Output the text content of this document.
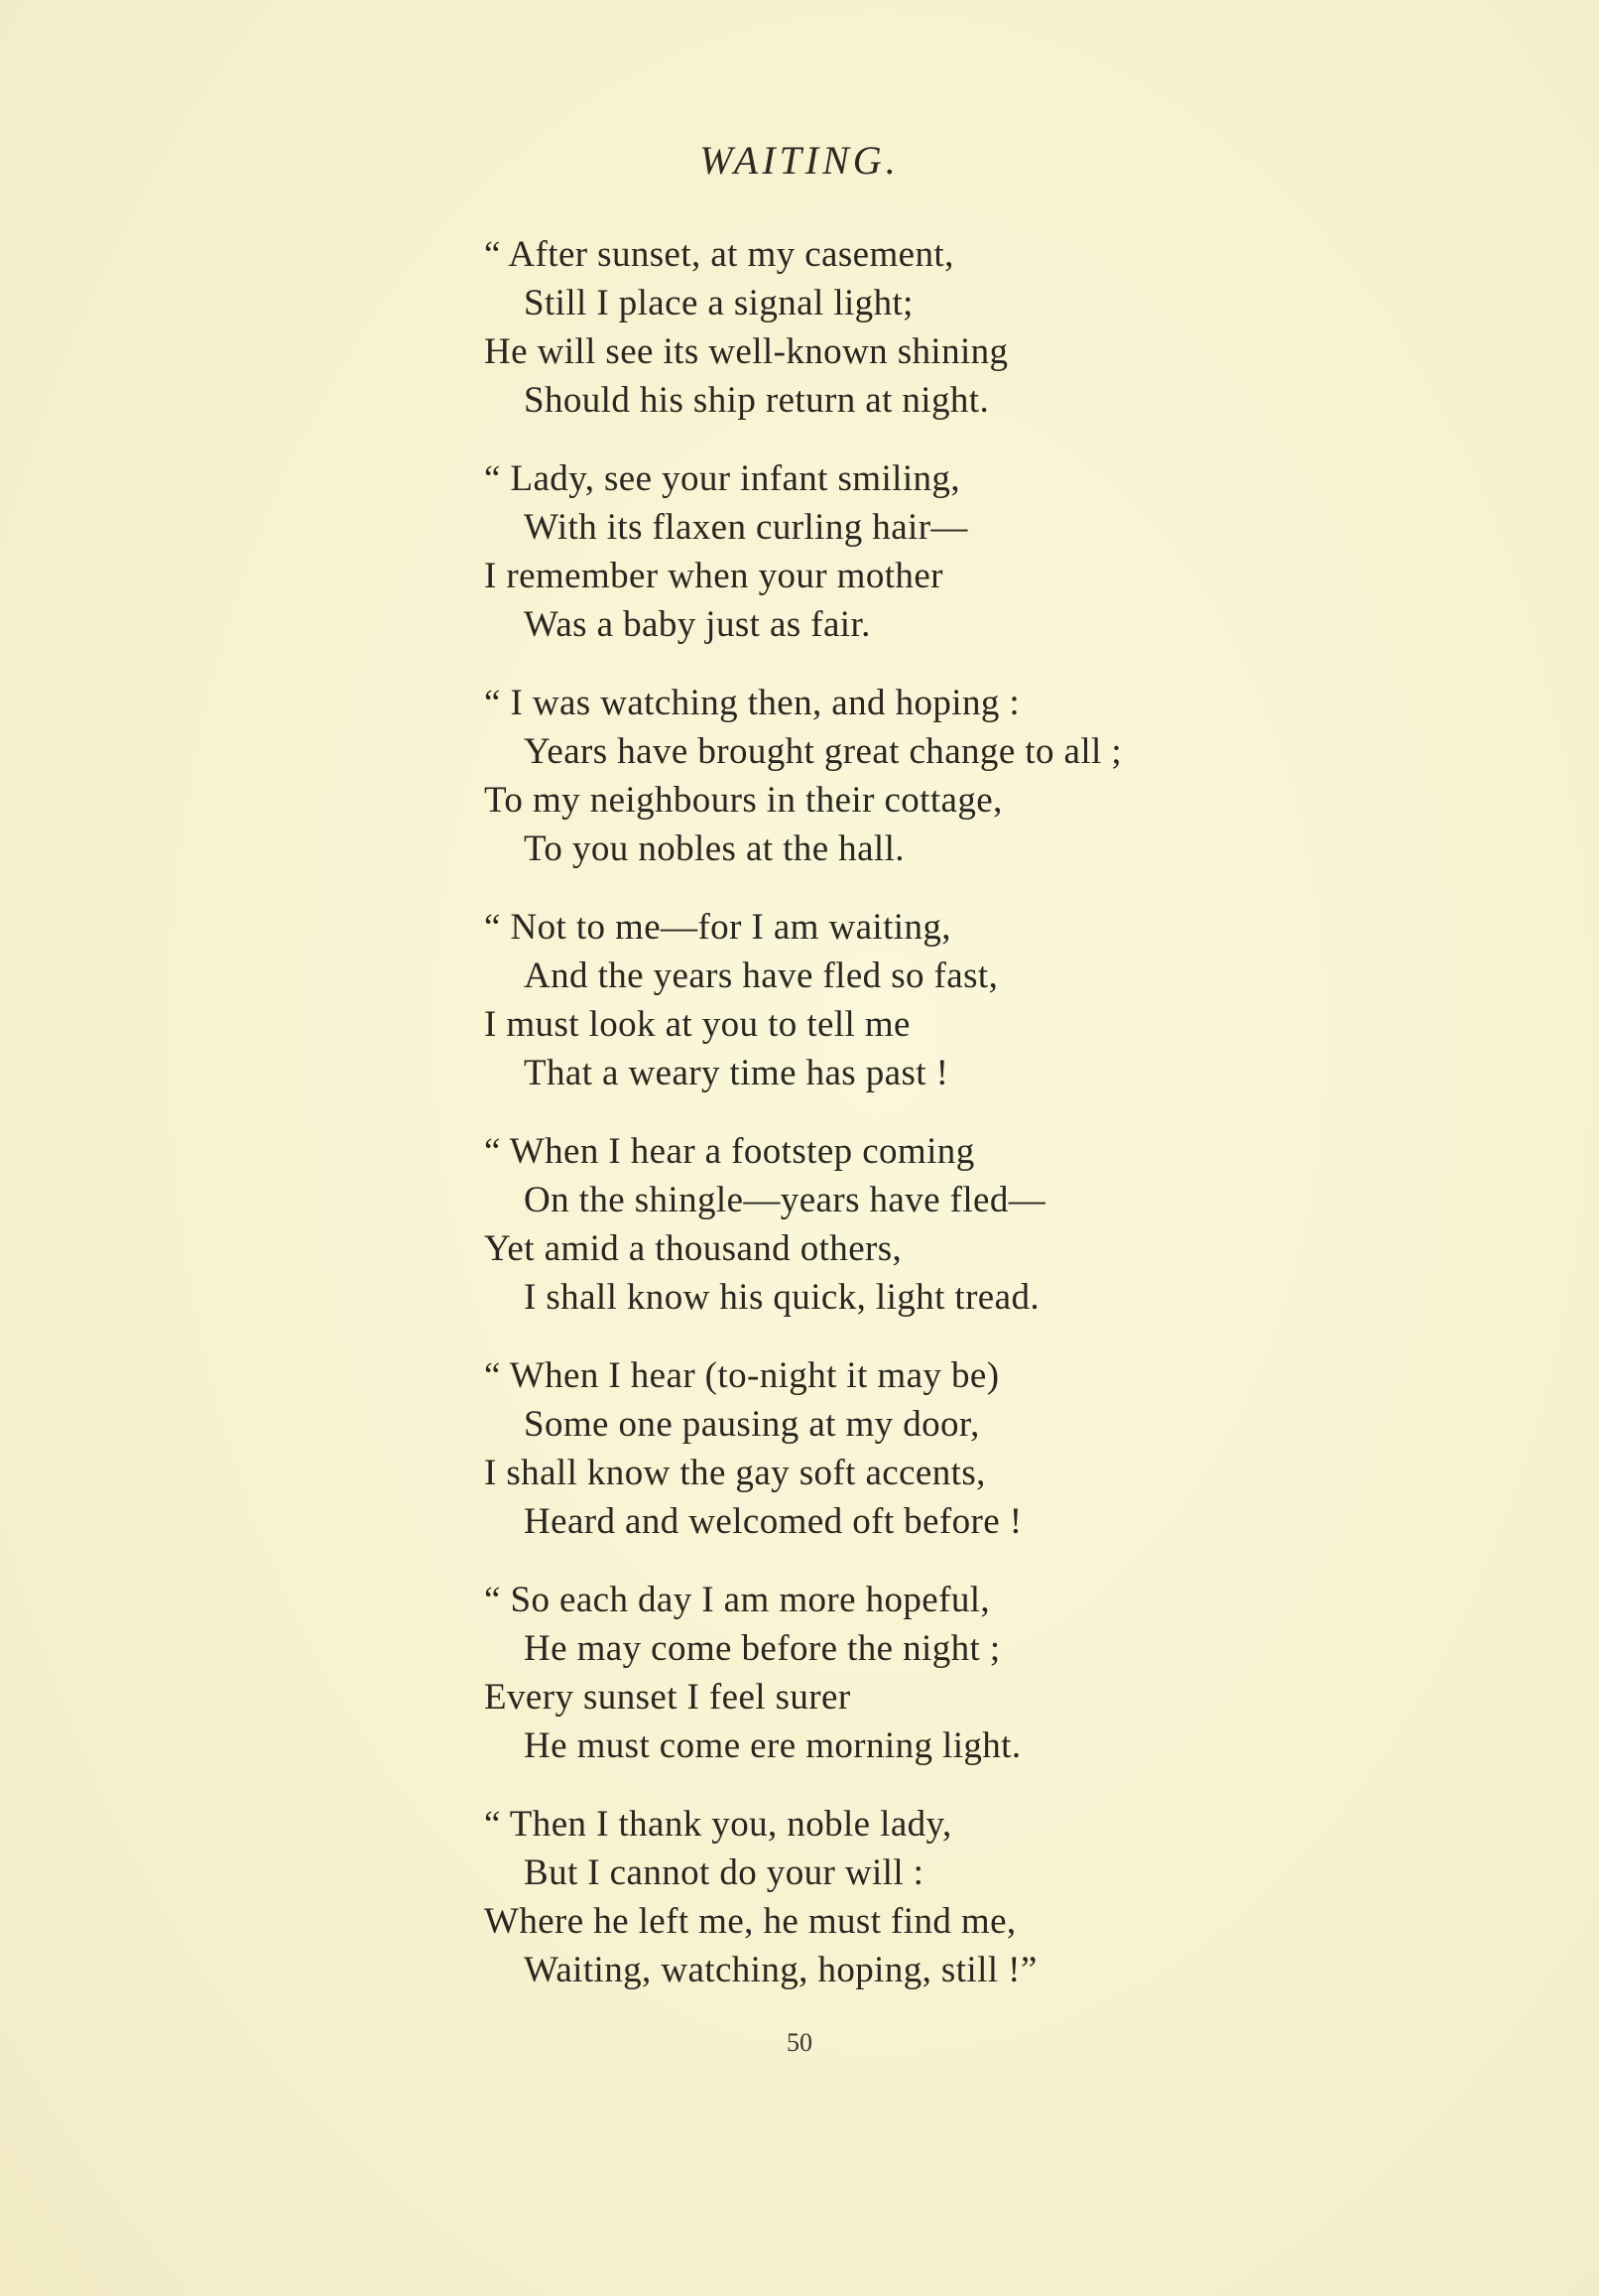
WAITING.
“ After sunset, at my casement,
Still I place a signal light;
He will see its well-known shining
Should his ship return at night.
“ Lady, see your infant smiling,
With its flaxen curling hair—
I remember when your mother
Was a baby just as fair.
“ I was watching then, and hoping :
Years have brought great change to all ;
To my neighbours in their cottage,
To you nobles at the hall.
“ Not to me—for I am waiting,
And the years have fled so fast,
I must look at you to tell me
That a weary time has past !
“ When I hear a footstep coming
On the shingle—years have fled—
Yet amid a thousand others,
I shall know his quick, light tread.
“ When I hear (to-night it may be)
Some one pausing at my door,
I shall know the gay soft accents,
Heard and welcomed oft before !
“ So each day I am more hopeful,
He may come before the night ;
Every sunset I feel surer
He must come ere morning light.
“ Then I thank you, noble lady,
But I cannot do your will :
Where he left me, he must find me,
Waiting, watching, hoping, still !”
50
